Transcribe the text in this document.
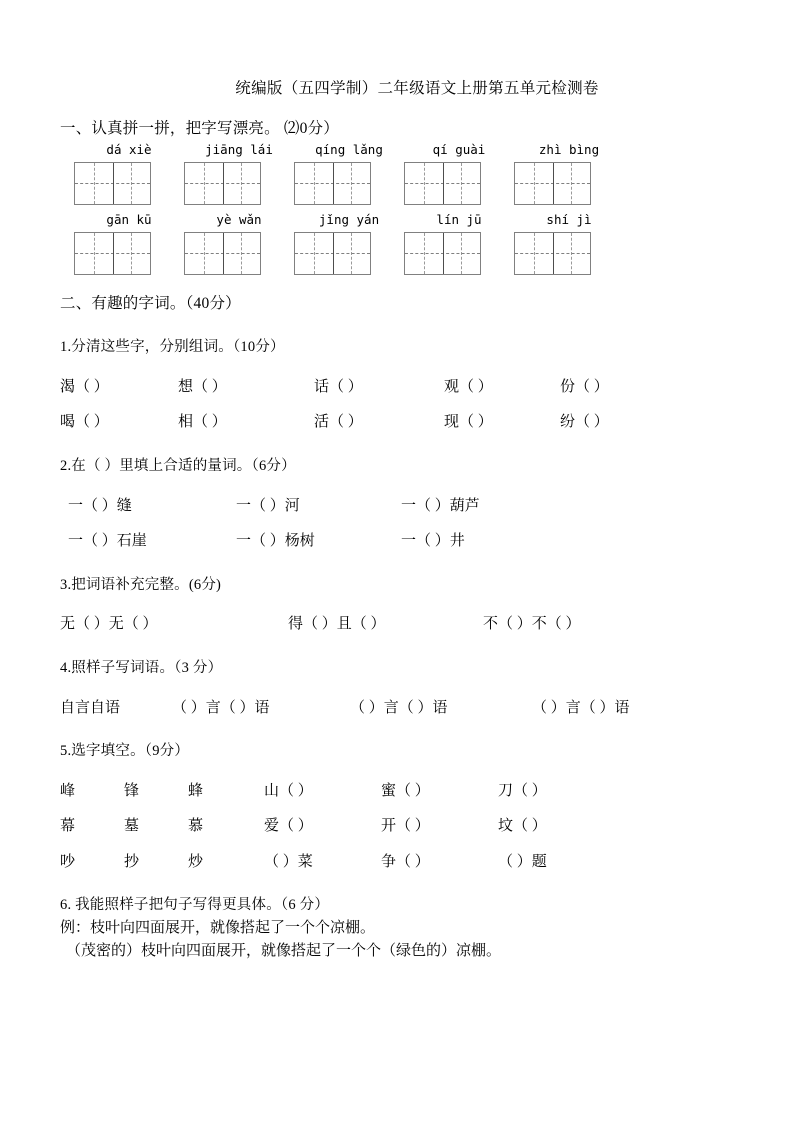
统编版（五四学制）二年级语文上册第五单元检测卷
一、认真拼一拼，把字写漂亮。 ⑵0分）
dá xiè	jiāng lái	qíng lǎng	qí guài	zhì bìng
gān kū	yè wǎn	jǐng yán	lín jū	shí jì
二、有趣的字词。（40分）
1.分清这些字，分别组词。（10分）
渴（ ）	想（ ）	话（ ）	观（ ）	份（ ）
喝（ ）	相（ ）	活（ ）	现（ ）	纷（ ）
2.在（ ）里填上合适的量词。（6分）
一（ ）缝	一（ ）河	一（ ）葫芦
一（ ）石崖	一（ ）杨树	一（ ）井
3.把词语补充完整。(6分)
无（ ）无（ ）	得（ ）且（ ）	不（ ）不（ ）
4.照样子写词语。（3 分）
自言自语	（ ）言（ ）语	（ ）言（ ）语	（ ）言（ ）语
5.选字填空。（9分）
峰	锋	蜂	山（ ）	蜜（ ）	刀（ ）
幕	墓	慕	爱（ ）	开（ ）	坟（ ）
吵	抄	炒	（ ）菜	争（ ）	（ ）题
6. 我能照样子把句子写得更具体。（6 分）
例：枝叶向四面展开，就像搭起了一个个凉棚。
（茂密的）枝叶向四面展开，就像搭起了一个个（绿色的）凉棚。
